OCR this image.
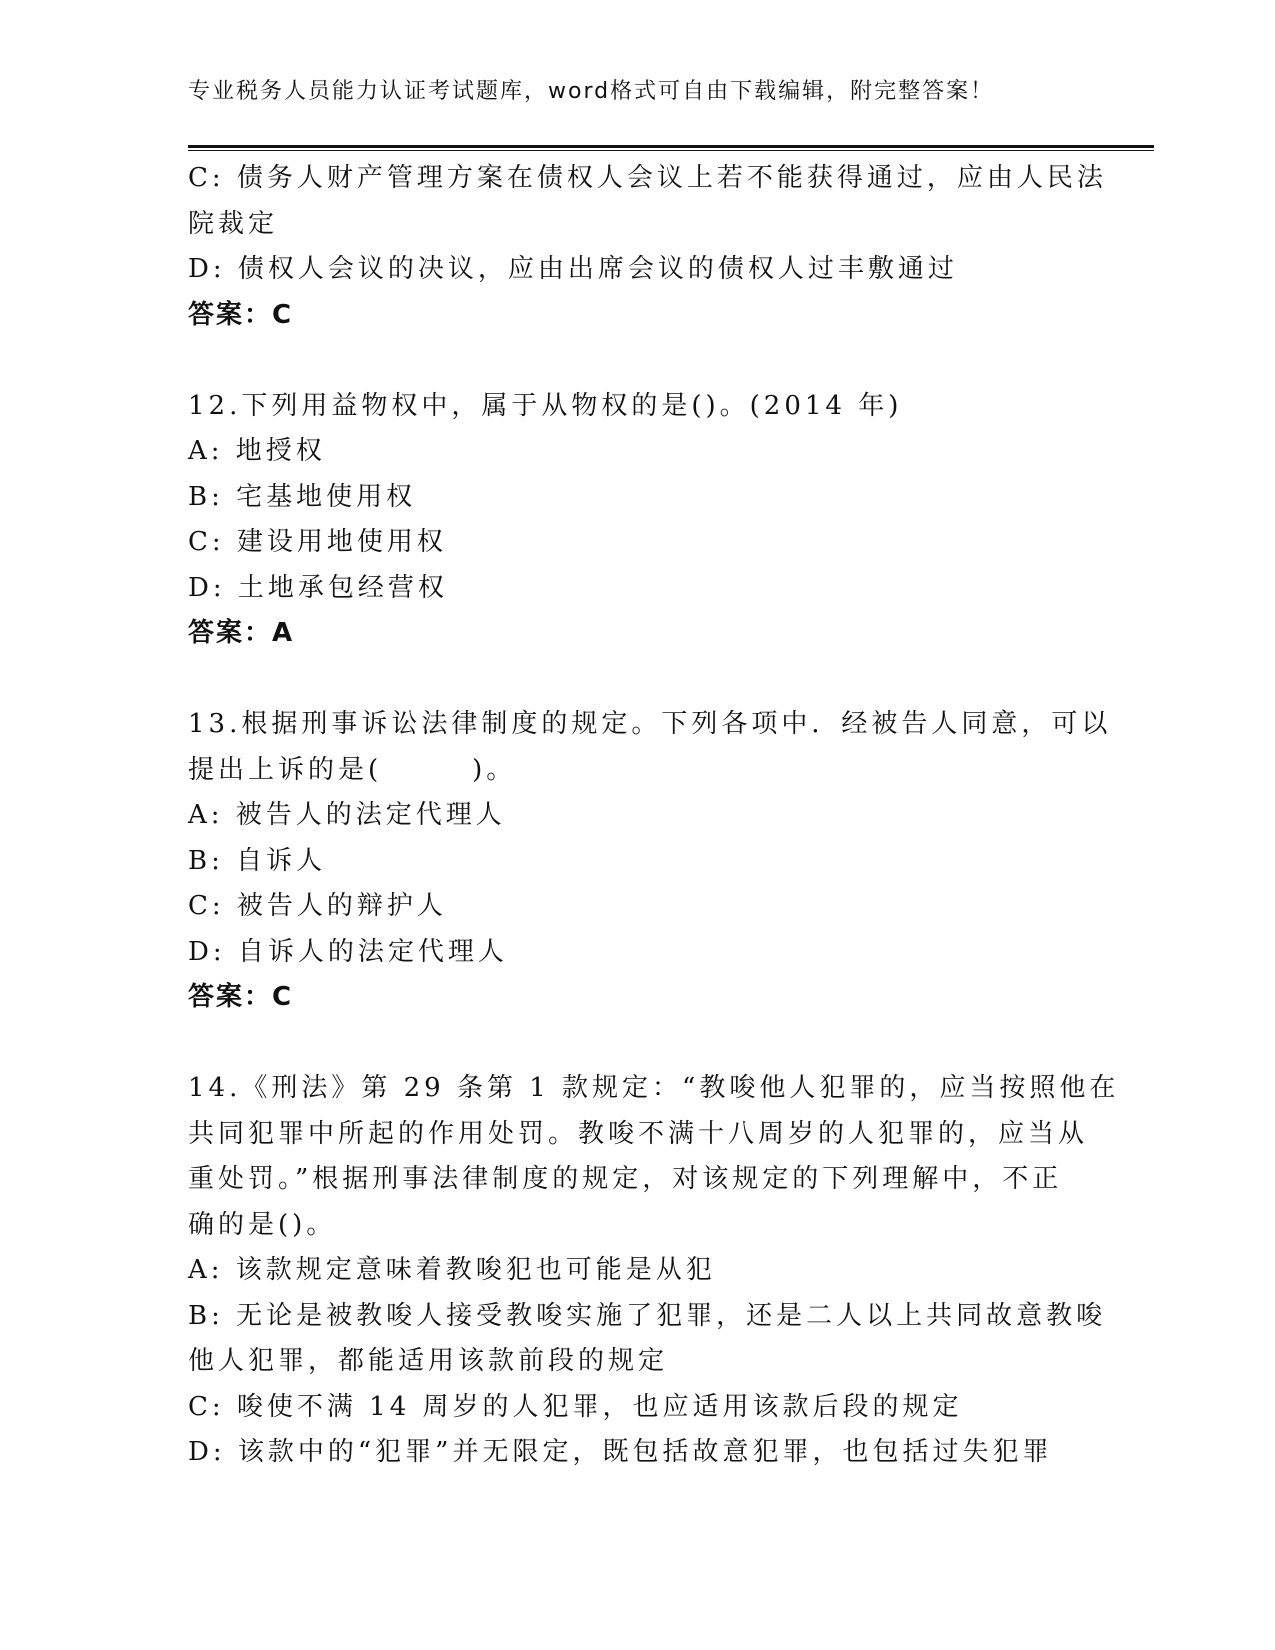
专业税务人员能力认证考试题库，word格式可自由下载编辑，附完整答案！
C: 债务人财产管理方案在债权人会议上若不能获得通过，应由人民法
院裁定
D: 债权人会议的决议，应由出席会议的债权人过丰敷通过
答案：C
12.下列用益物权中，属于从物权的是()。(2014 年)
A: 地授权
B: 宅基地使用权
C: 建设用地使用权
D: 土地承包经营权
答案：A
13.根据刑事诉讼法律制度的规定。下列各项中．经被告人同意，可以
提出上诉的是(　　　)。
A: 被告人的法定代理人
B: 自诉人
C: 被告人的辩护人
D: 自诉人的法定代理人
答案：C
14.《刑法》第 29 条第 1 款规定：“教唆他人犯罪的，应当按照他在
共同犯罪中所起的作用处罚。教唆不满十八周岁的人犯罪的，应当从
重处罚。”根据刑事法律制度的规定，对该规定的下列理解中，不正
确的是()。
A: 该款规定意味着教唆犯也可能是从犯
B: 无论是被教唆人接受教唆实施了犯罪，还是二人以上共同故意教唆
他人犯罪，都能适用该款前段的规定
C: 唆使不满 14 周岁的人犯罪，也应适用该款后段的规定
D: 该款中的“犯罪”并无限定，既包括故意犯罪，也包括过失犯罪
